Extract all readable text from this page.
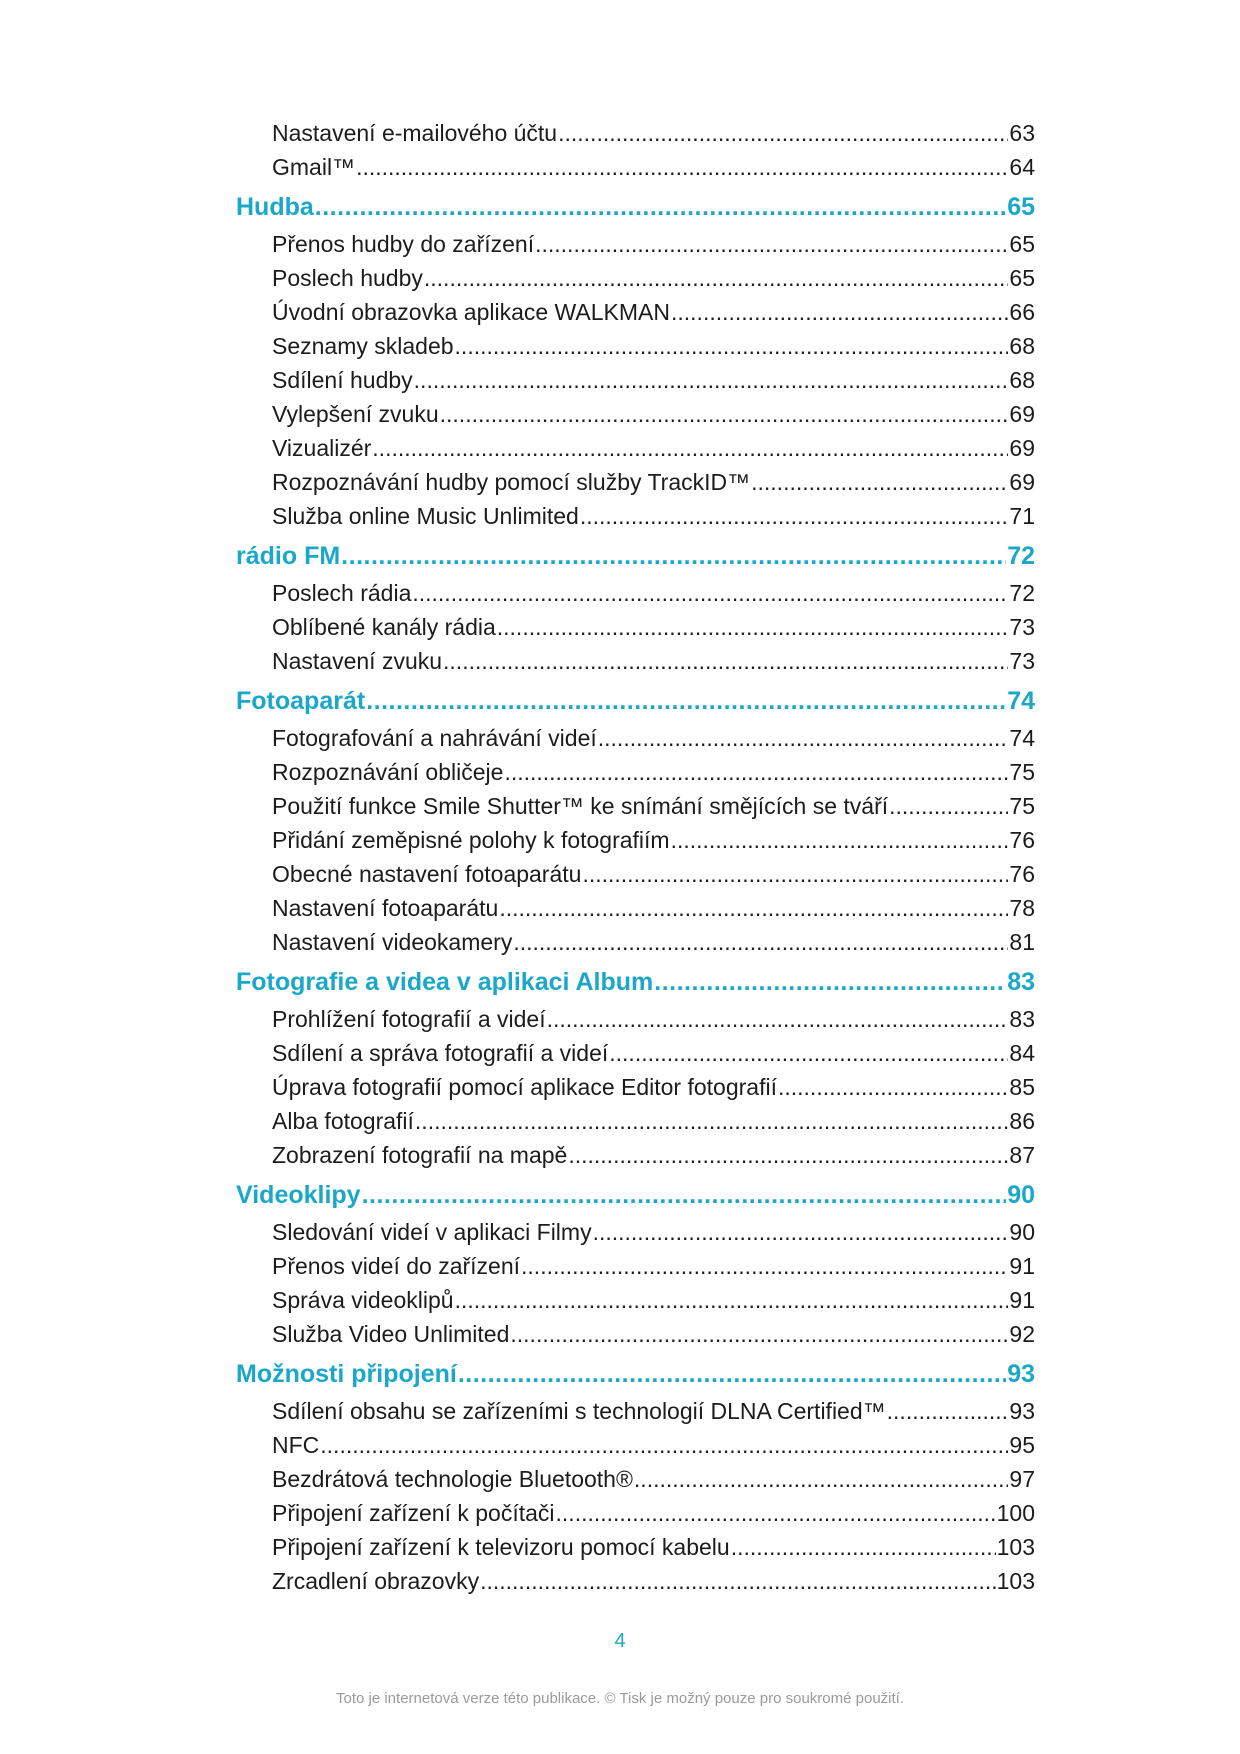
Nastavení e-mailového účtu .....	63
Gmail™ .....	64
Hudba .....	65
Přenos hudby do zařízení .....	65
Poslech hudby .....	65
Úvodní obrazovka aplikace WALKMAN .....	66
Seznamy skladeb .....	68
Sdílení hudby .....	68
Vylepšení zvuku .....	69
Vizualizér .....	69
Rozpoznávání hudby pomocí služby TrackID™ .....	69
Služba online Music Unlimited .....	71
rádio FM .....	72
Poslech rádia .....	72
Oblíbené kanály rádia .....	73
Nastavení zvuku .....	73
Fotoaparát .....	74
Fotografování a nahrávání videí .....	74
Rozpoznávání obličeje .....	75
Použití funkce Smile Shutter™ ke snímání smějících se tváří .....	75
Přidání zeměpisné polohy k fotografiím .....	76
Obecné nastavení fotoaparátu .....	76
Nastavení fotoaparátu .....	78
Nastavení videokamery .....	81
Fotografie a videa v aplikaci Album .....	83
Prohlížení fotografií a videí .....	83
Sdílení a správa fotografií a videí .....	84
Úprava fotografií pomocí aplikace Editor fotografií .....	85
Alba fotografií .....	86
Zobrazení fotografií na mapě .....	87
Videoklipy .....	90
Sledování videí v aplikaci Filmy .....	90
Přenos videí do zařízení .....	91
Správa videoklipů .....	91
Služba Video Unlimited .....	92
Možnosti připojení .....	93
Sdílení obsahu se zařízeními s technologií DLNA Certified™ .....	93
NFC .....	95
Bezdrátová technologie Bluetooth® .....	97
Připojení zařízení k počítači .....	100
Připojení zařízení k televizoru pomocí kabelu .....	103
Zrcadlení obrazovky .....	103
4
Toto je internetová verze této publikace. © Tisk je možný pouze pro soukromé použití.
